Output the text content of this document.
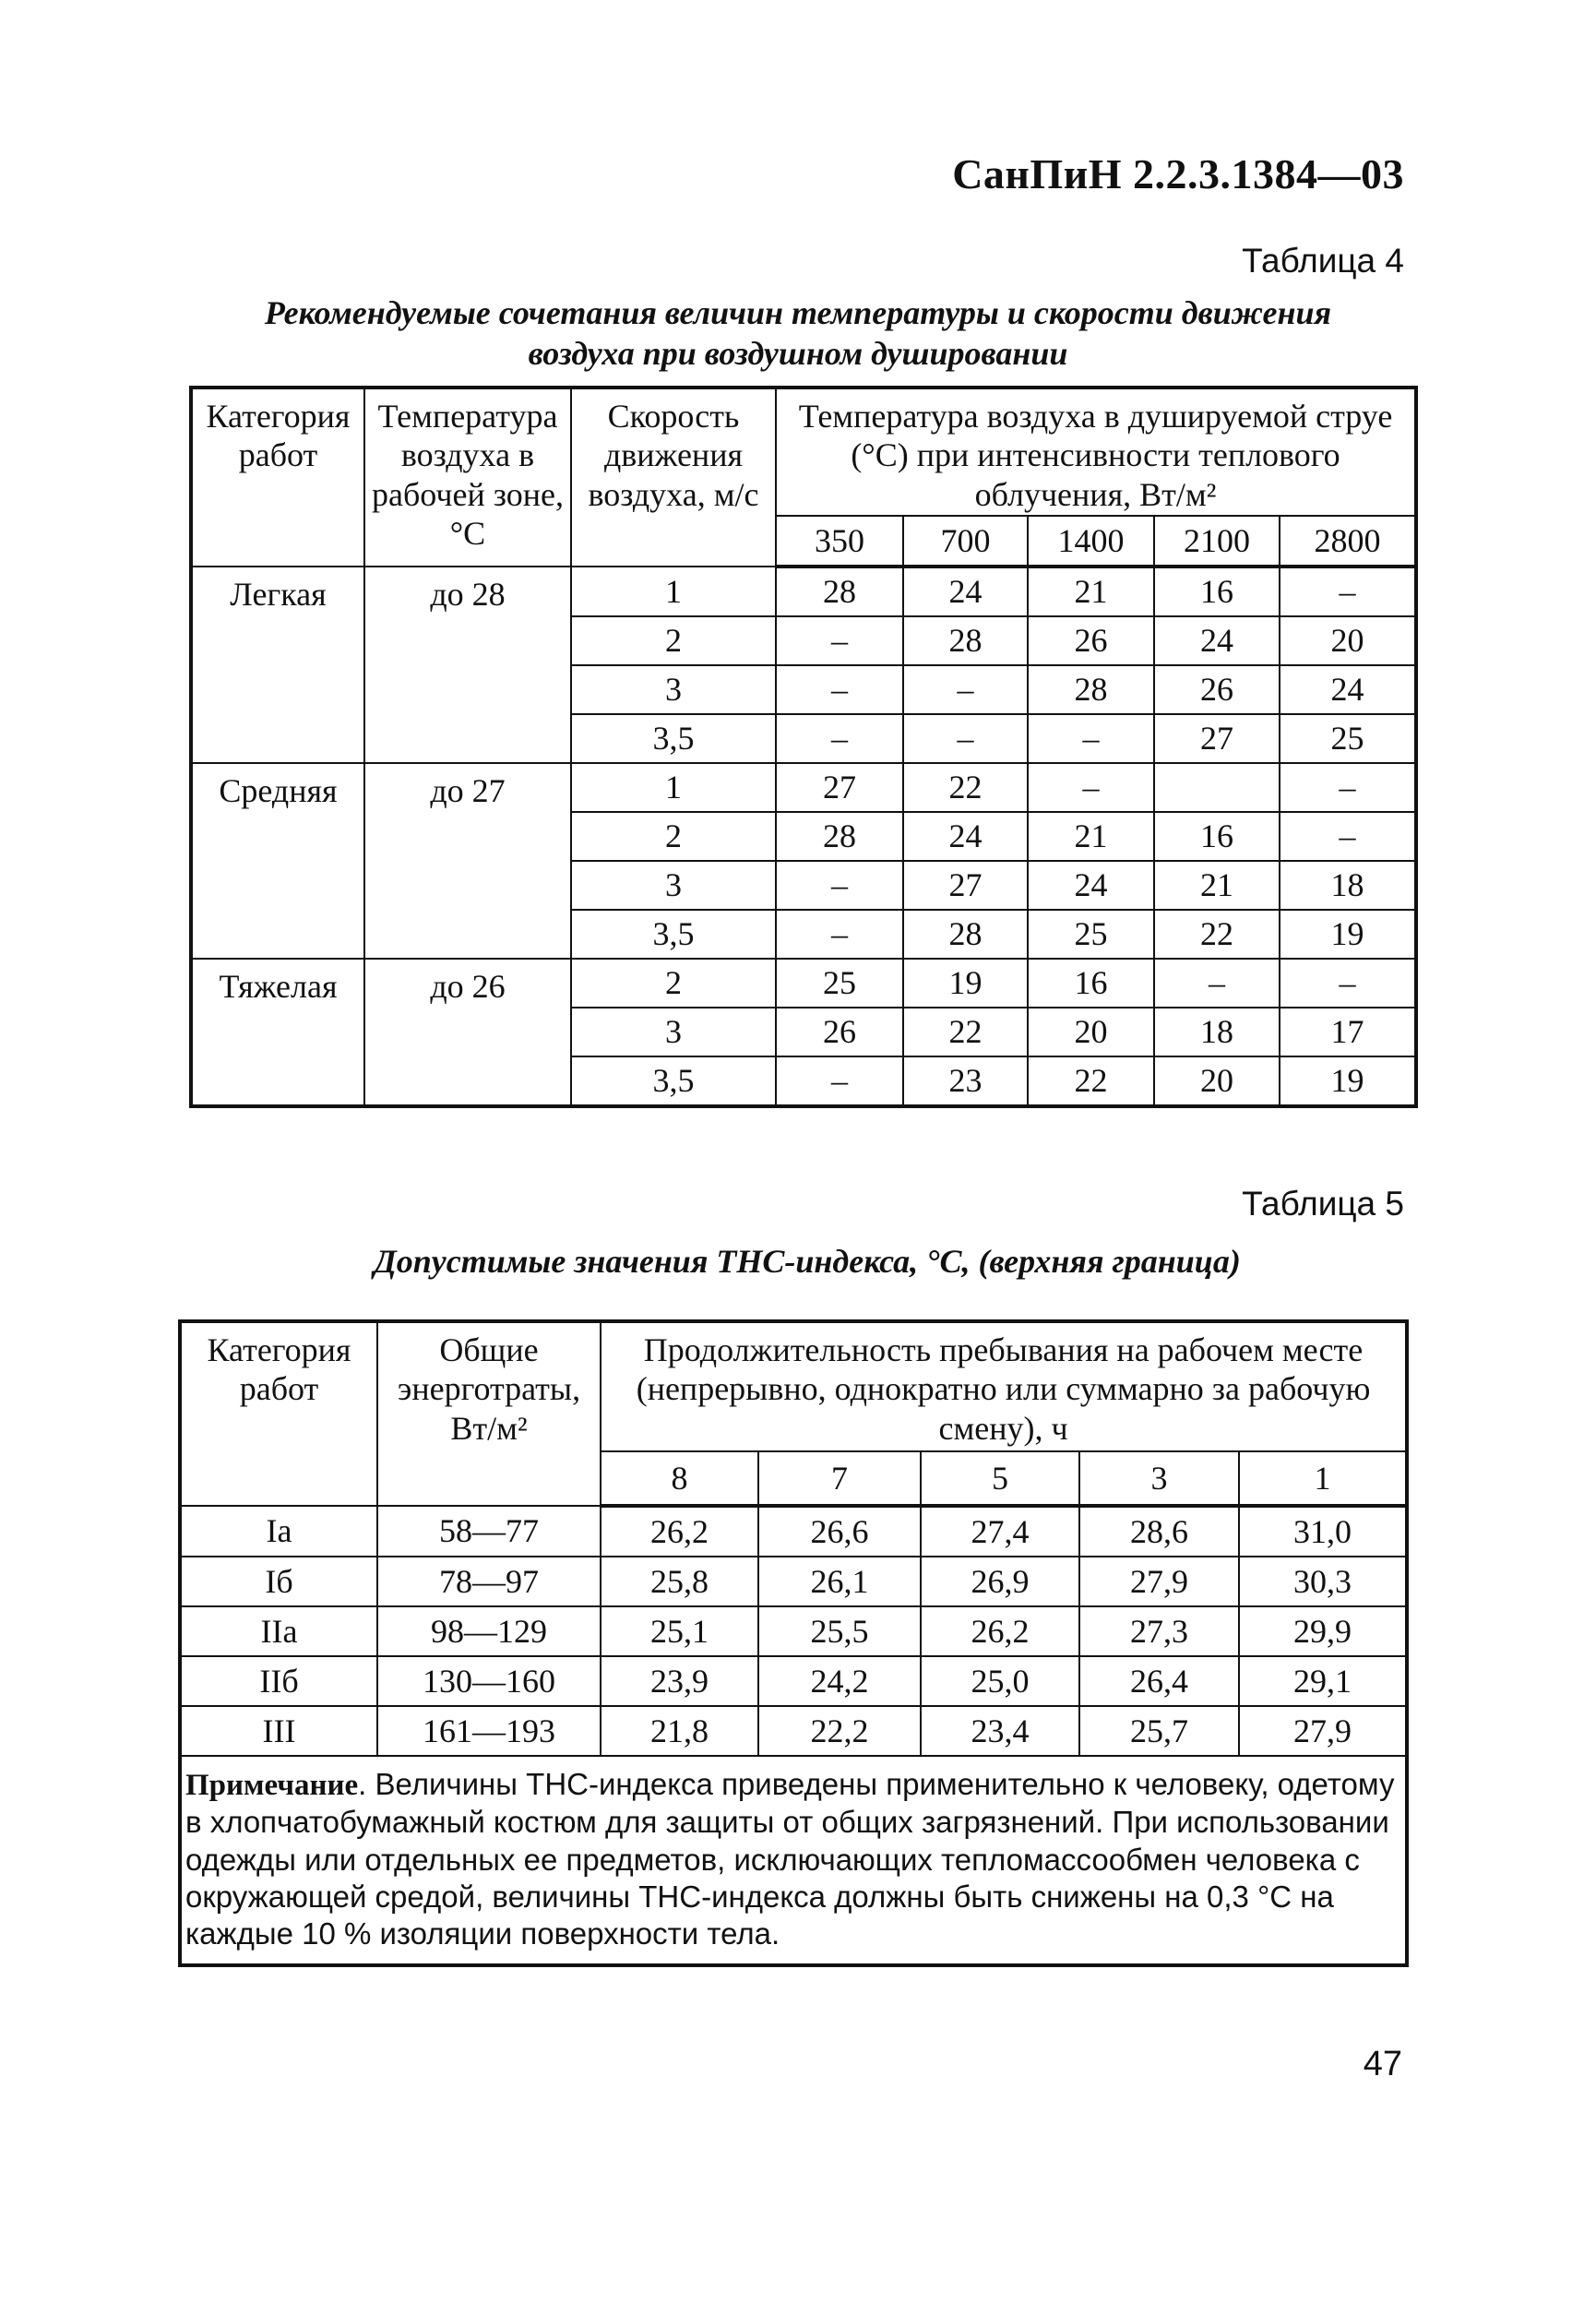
СанПиН 2.2.3.1384—03
Таблица 4
Рекомендуемые сочетания величин температуры и скорости движения
воздуха при воздушном душировании
Категория работ	Температура воздуха в рабочей зоне, °С	Скорость движения воздуха, м/с	Температура воздуха в душируемой струе (°С) при интенсивности теплового облучения, Вт/м²				
			350	700	1400	2100	2800
Легкая	до 28	1	28	24	21	16	–
		2	–	28	26	24	20
		3	–	–	28	26	24
		3,5	–	–	–	27	25
Средняя	до 27	1	27	22	–		–
		2	28	24	21	16	–
		3	–	27	24	21	18
		3,5	–	28	25	22	19
Тяжелая	до 26	2	25	19	16	–	–
		3	26	22	20	18	17
		3,5	–	23	22	20	19
Таблица 5
Допустимые значения ТНС-индекса, °С, (верхняя граница)
Категория работ	Общие энерготраты, Вт/м²	Продолжительность пребывания на рабочем месте (непрерывно, однократно или суммарно за рабочую смену), ч				
		8	7	5	3	1
Iа	58—77	26,2	26,6	27,4	28,6	31,0
Iб	78—97	25,8	26,1	26,9	27,9	30,3
IIа	98—129	25,1	25,5	26,2	27,3	29,9
IIб	130—160	23,9	24,2	25,0	26,4	29,1
III	161—193	21,8	22,2	23,4	25,7	27,9
Примечание. Величины ТНС-индекса приведены применительно к человеку, одетому в хлопчатобумажный костюм для защиты от общих загрязнений. При использовании одежды или отдельных ее предметов, исключающих тепломассообмен человека с окружающей средой, величины ТНС-индекса должны быть снижены на 0,3 °С на каждые 10 % изоляции поверхности тела.						
47
